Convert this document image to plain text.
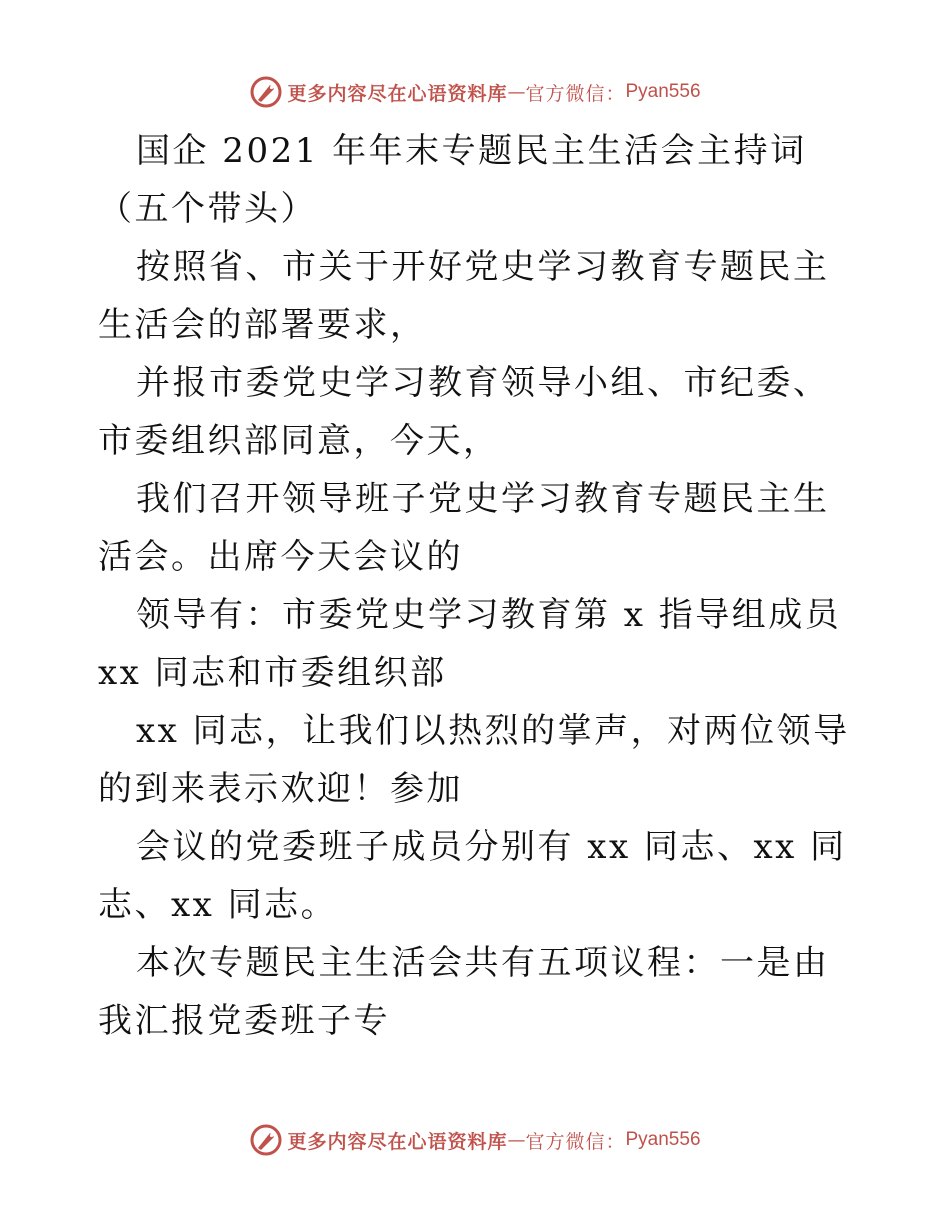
更多内容尽在心语资料库 — 官方微信： Pyan556

国企 2021 年年末专题民主生活会主持词（五个带头）

按照省、市关于开好党史学习教育专题民主生活会的部署要求，

并报市委党史学习教育领导小组、市纪委、市委组织部同意，今天，

我们召开领导班子党史学习教育专题民主生活会。出席今天会议的

领导有：市委党史学习教育第 x 指导组成员 xx 同志和市委组织部

xx 同志，让我们以热烈的掌声，对两位领导的到来表示欢迎！参加

会议的党委班子成员分别有 xx 同志、xx 同志、xx 同志。

本次专题民主生活会共有五项议程：一是由我汇报党委班子专

更多内容尽在心语资料库 — 官方微信： Pyan556
